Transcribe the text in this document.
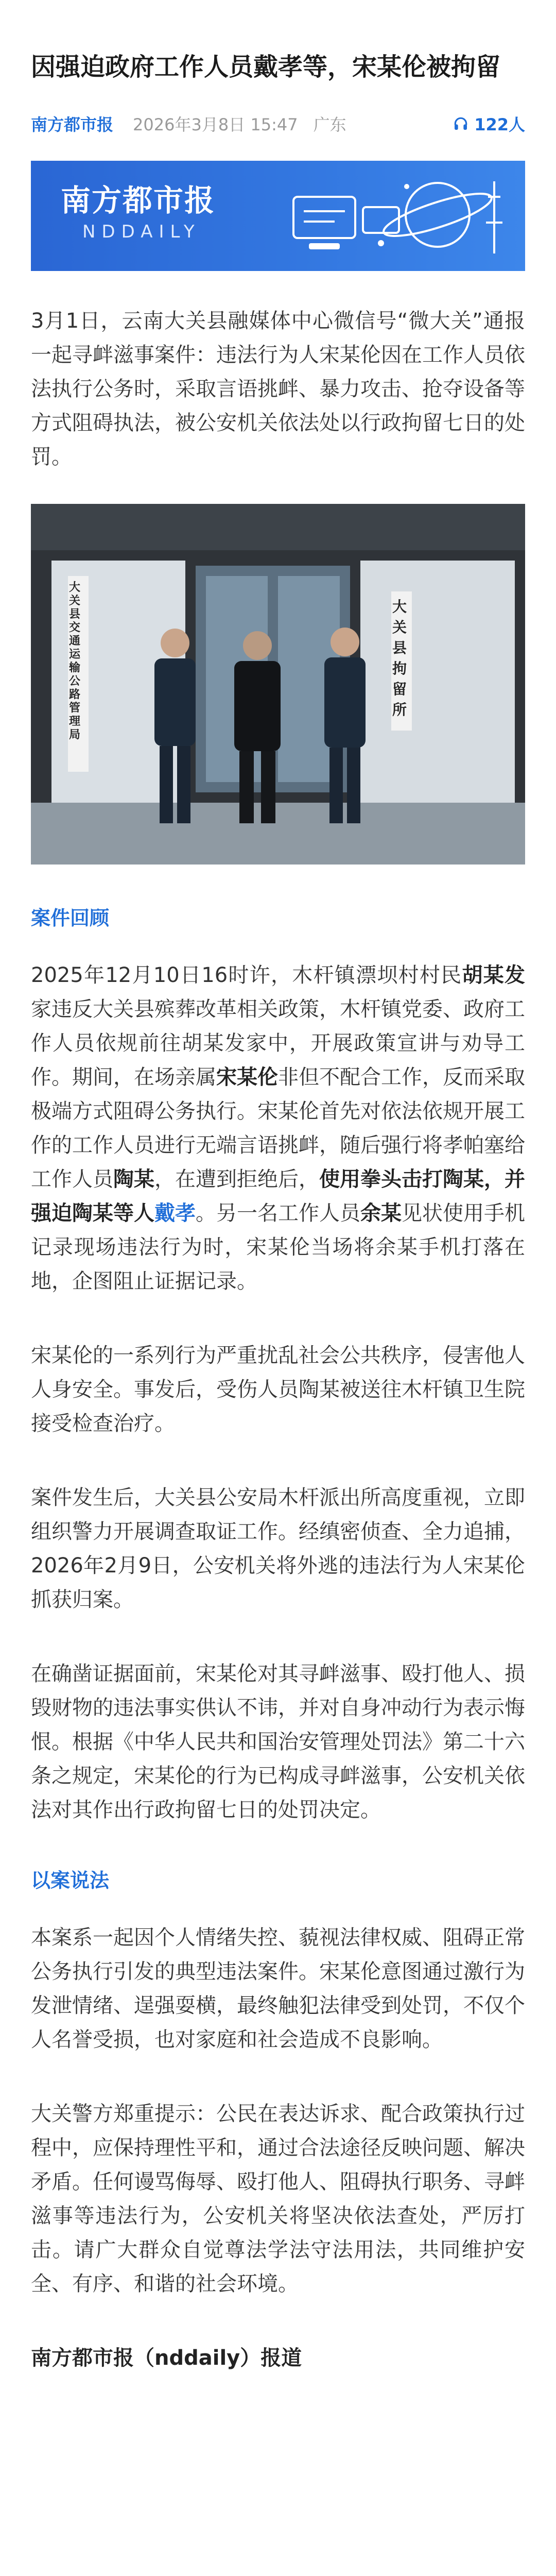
因强迫政府工作人员戴孝等，宋某伦被拘留
南方都市报 2026年3月8日 15:47 广东	122人
南方都市报
NDDAILY

3月1日，云南大关县融媒体中心微信号“微大关”通报一起寻衅滋事案件：违法行为人宋某伦因在工作人员依法执行公务时，采取言语挑衅、暴力攻击、抢夺设备等方式阻碍执法，被公安机关依法处以行政拘留七日的处罚。

大关县交通运输公路管理局
大关县拘留所
案件回顾

2025年12月10日16时许，木杆镇漂坝村村民胡某发家违反大关县殡葬改革相关政策，木杆镇党委、政府工作人员依规前往胡某发家中，开展政策宣讲与劝导工作。期间，在场亲属宋某伦非但不配合工作，反而采取极端方式阻碍公务执行。宋某伦首先对依法依规开展工作的工作人员进行无端言语挑衅，随后强行将孝帕塞给工作人员陶某，在遭到拒绝后，使用拳头击打陶某，并强迫陶某等人戴孝。另一名工作人员余某见状使用手机记录现场违法行为时，宋某伦当场将余某手机打落在地，企图阻止证据记录。

宋某伦的一系列行为严重扰乱社会公共秩序，侵害他人人身安全。事发后，受伤人员陶某被送往木杆镇卫生院接受检查治疗。

案件发生后，大关县公安局木杆派出所高度重视，立即组织警力开展调查取证工作。经缜密侦查、全力追捕，2026年2月9日，公安机关将外逃的违法行为人宋某伦抓获归案。

在确凿证据面前，宋某伦对其寻衅滋事、殴打他人、损毁财物的违法事实供认不讳，并对自身冲动行为表示悔恨。根据《中华人民共和国治安管理处罚法》第二十六条之规定，宋某伦的行为已构成寻衅滋事，公安机关依法对其作出行政拘留七日的处罚决定。

以案说法

本案系一起因个人情绪失控、藐视法律权威、阻碍正常公务执行引发的典型违法案件。宋某伦意图通过激行为发泄情绪、逞强耍横，最终触犯法律受到处罚，不仅个人名誉受损，也对家庭和社会造成不良影响。

大关警方郑重提示：公民在表达诉求、配合政策执行过程中，应保持理性平和，通过合法途径反映问题、解决矛盾。任何谩骂侮辱、殴打他人、阻碍执行职务、寻衅滋事等违法行为，公安机关将坚决依法查处，严厉打击。请广大群众自觉尊法学法守法用法，共同维护安全、有序、和谐的社会环境。

南方都市报（nddaily）报道
